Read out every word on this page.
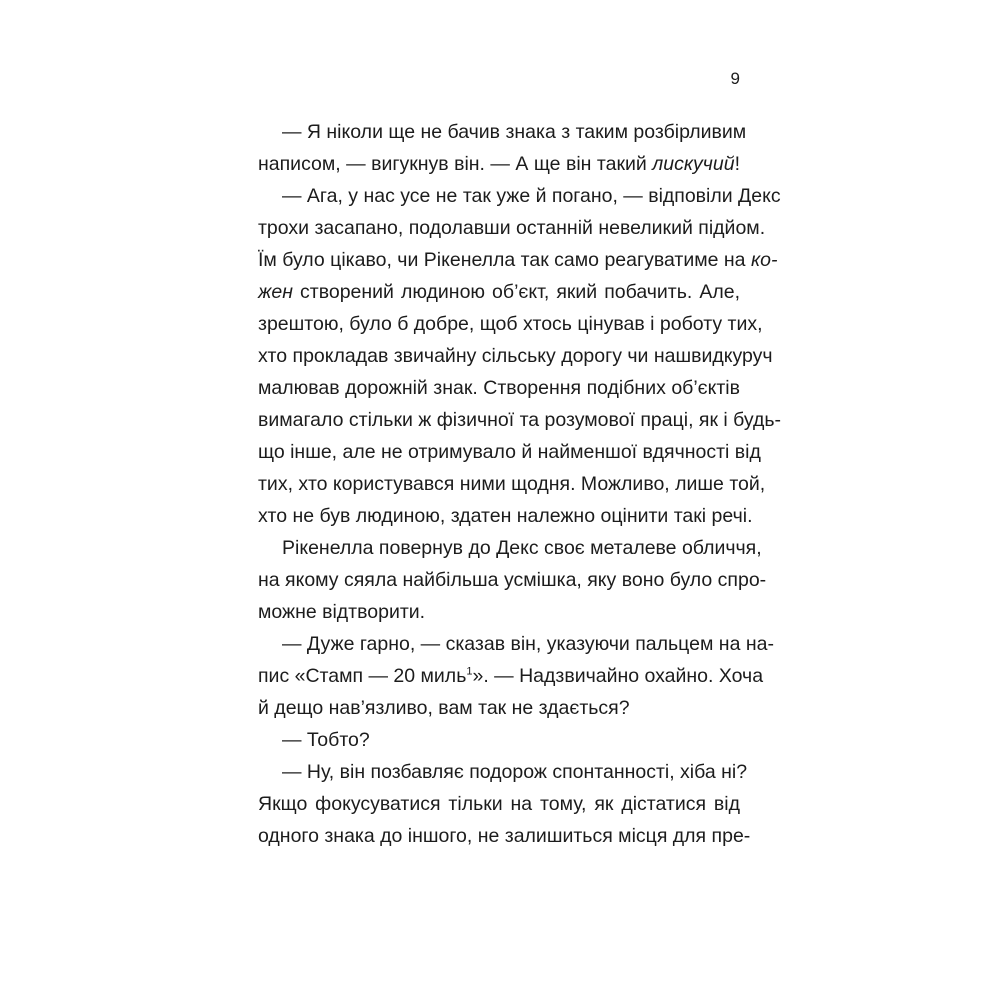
9
— Я ніколи ще не бачив знака з таким розбірливим
написом, — вигукнув він. — А ще він такий лискучий!
— Ага, у нас усе не так уже й погано, — відповіли Декс
трохи засапано, подолавши останній невеликий підйом.
Їм було цікаво, чи Рікенелла так само реагуватиме на ко-
жен створений людиною об’єкт, який побачить. Але,
зрештою, було б добре, щоб хтось цінував і роботу тих,
хто прокладав звичайну сільську дорогу чи нашвидкуруч
малював дорожній знак. Створення подібних об’єктів
вимагало стільки ж фізичної та розумової праці, як і будь-
що інше, але не отримувало й найменшої вдячності від
тих, хто користувався ними щодня. Можливо, лише той,
хто не був людиною, здатен належно оцінити такі речі.
Рікенелла повернув до Декс своє металеве обличчя,
на якому сяяла найбільша усмішка, яку воно було спро-
можне відтворити.
— Дуже гарно, — сказав він, указуючи пальцем на на-
пис «Стамп — 20 миль$^1$». — Надзвичайно охайно. Хоча
й дещо нав’язливо, вам так не здається?
— Тобто?
— Ну, він позбавляє подорож спонтанності, хіба ні?
Якщо фокусуватися тільки на тому, як дістатися від
одного знака до іншого, не залишиться місця для пре-
